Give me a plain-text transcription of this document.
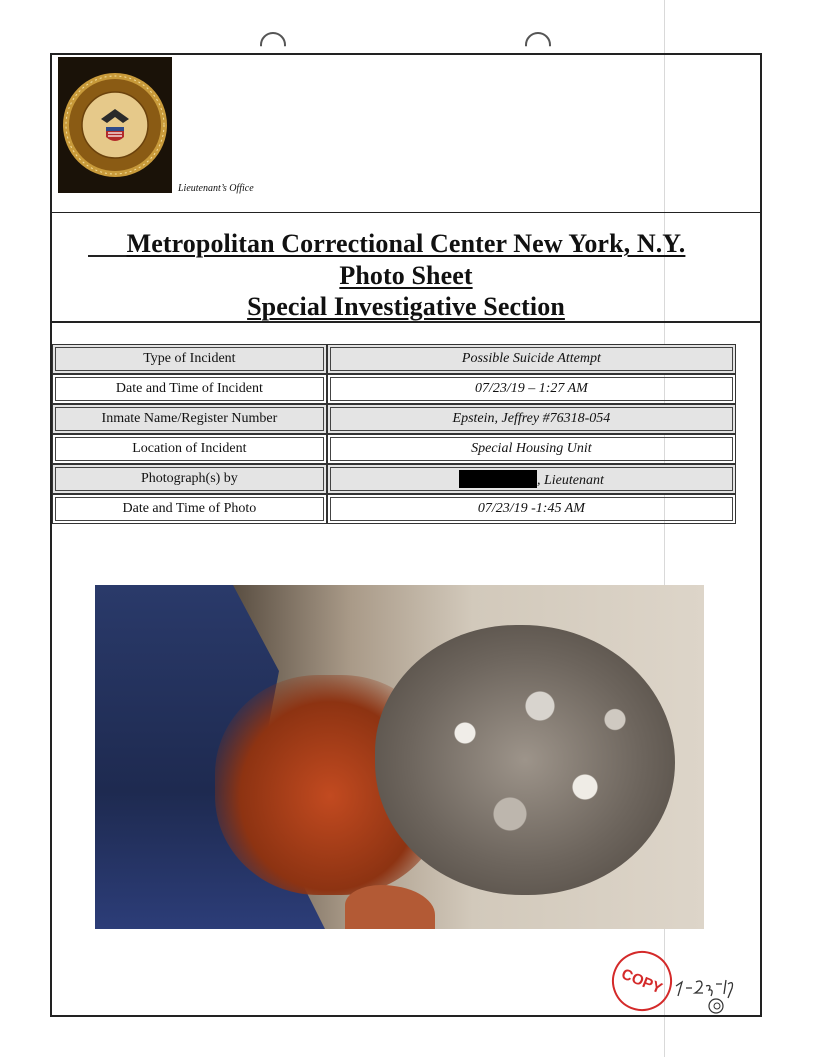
Lieutenant’s Office
Metropolitan Correctional Center New York, N.Y.
Photo Sheet
Special Investigative Section
Type of Incident	Possible Suicide Attempt
Date and Time of Incident	07/23/19 – 1:27 AM
Inmate Name/Register Number	Epstein, Jeffrey #76318-054
Location of Incident	Special Housing Unit
Photograph(s) by	, Lieutenant
Date and Time of Photo	07/23/19 -1:45 AM
COPY
